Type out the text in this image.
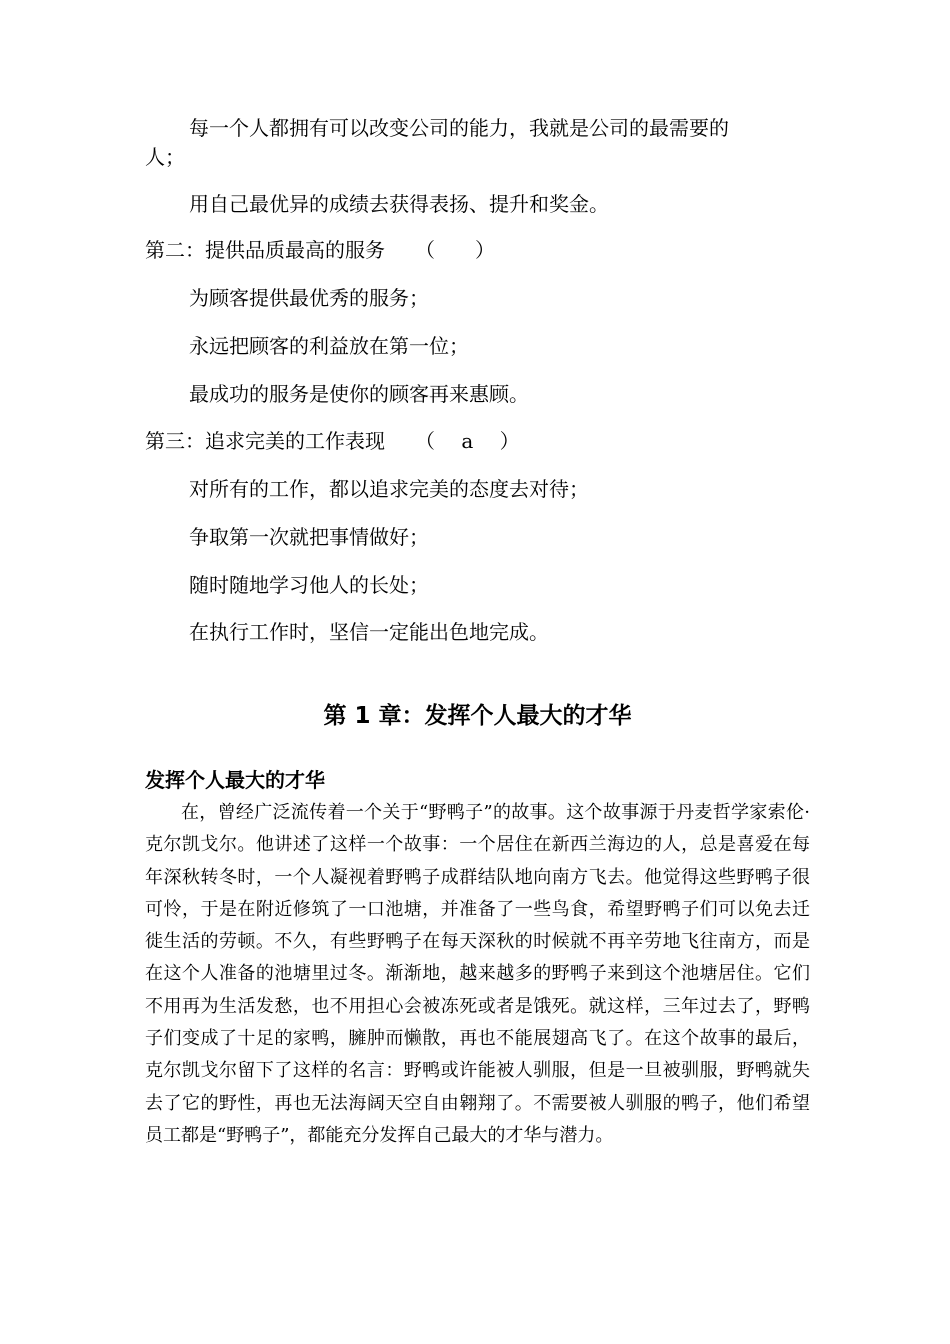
每一个人都拥有可以改变公司的能力，我就是公司的最需要的
人；
用自己最优异的成绩去获得表扬、提升和奖金。
第二：提供品质最高的服务 （　　）
为顾客提供最优秀的服务；
永远把顾客的利益放在第一位；
最成功的服务是使你的顾客再来惠顾。
第三：追求完美的工作表现 （　 a 　）
对所有的工作，都以追求完美的态度去对待；
争取第一次就把事情做好；
随时随地学习他人的长处；
在执行工作时，坚信一定能出色地完成。
第 1 章：发挥个人最大的才华
发挥个人最大的才华

在，曾经广泛流传着一个关于“野鸭子”的故事。这个故事源于丹麦哲学家索伦·克尔凯戈尔。他讲述了这样一个故事：一个居住在新西兰海边的人，总是喜爱在每年深秋转冬时，一个人凝视着野鸭子成群结队地向南方飞去。他觉得这些野鸭子很可怜，于是在附近修筑了一口池塘，并准备了一些鸟食，希望野鸭子们可以免去迁徙生活的劳顿。不久，有些野鸭子在每天深秋的时候就不再辛劳地飞往南方，而是在这个人准备的池塘里过冬。渐渐地，越来越多的野鸭子来到这个池塘居住。它们不用再为生活发愁，也不用担心会被冻死或者是饿死。就这样，三年过去了，野鸭子们变成了十足的家鸭，臃肿而懒散，再也不能展翅高飞了。在这个故事的最后，克尔凯戈尔留下了这样的名言：野鸭或许能被人驯服，但是一旦被驯服，野鸭就失去了它的野性，再也无法海阔天空自由翱翔了。不需要被人驯服的鸭子，他们希望员工都是“野鸭子”，都能充分发挥自己最大的才华与潜力。
